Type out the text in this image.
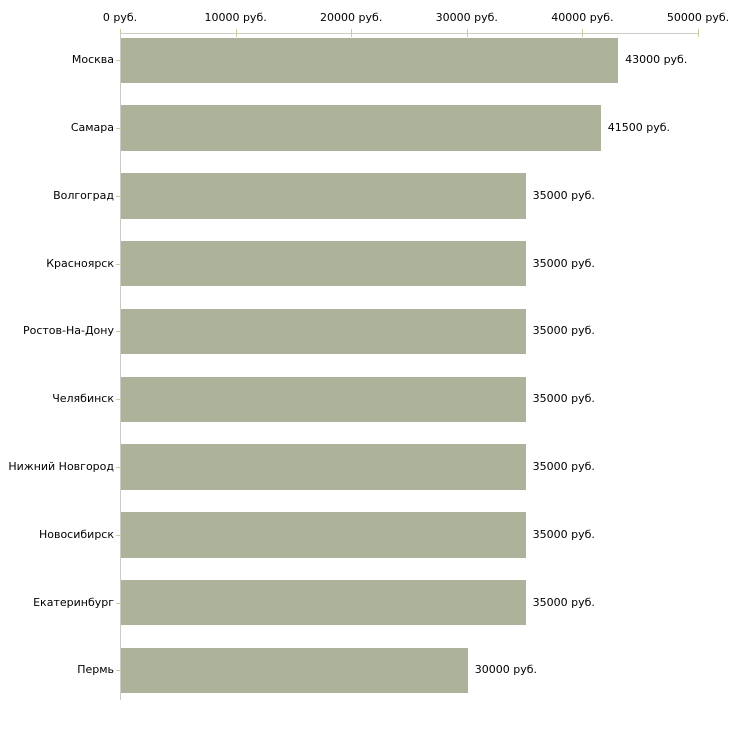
0 руб.	10000 руб.	20000 руб.	30000 руб.	40000 руб.	50000 руб.
Москва	43000 руб.
Самара	41500 руб.
Волгоград	35000 руб.
Красноярск	35000 руб.
Ростов-На-Дону	35000 руб.
Челябинск	35000 руб.
Нижний Новгород	35000 руб.
Новосибирск	35000 руб.
Екатеринбург	35000 руб.
Пермь	30000 руб.
